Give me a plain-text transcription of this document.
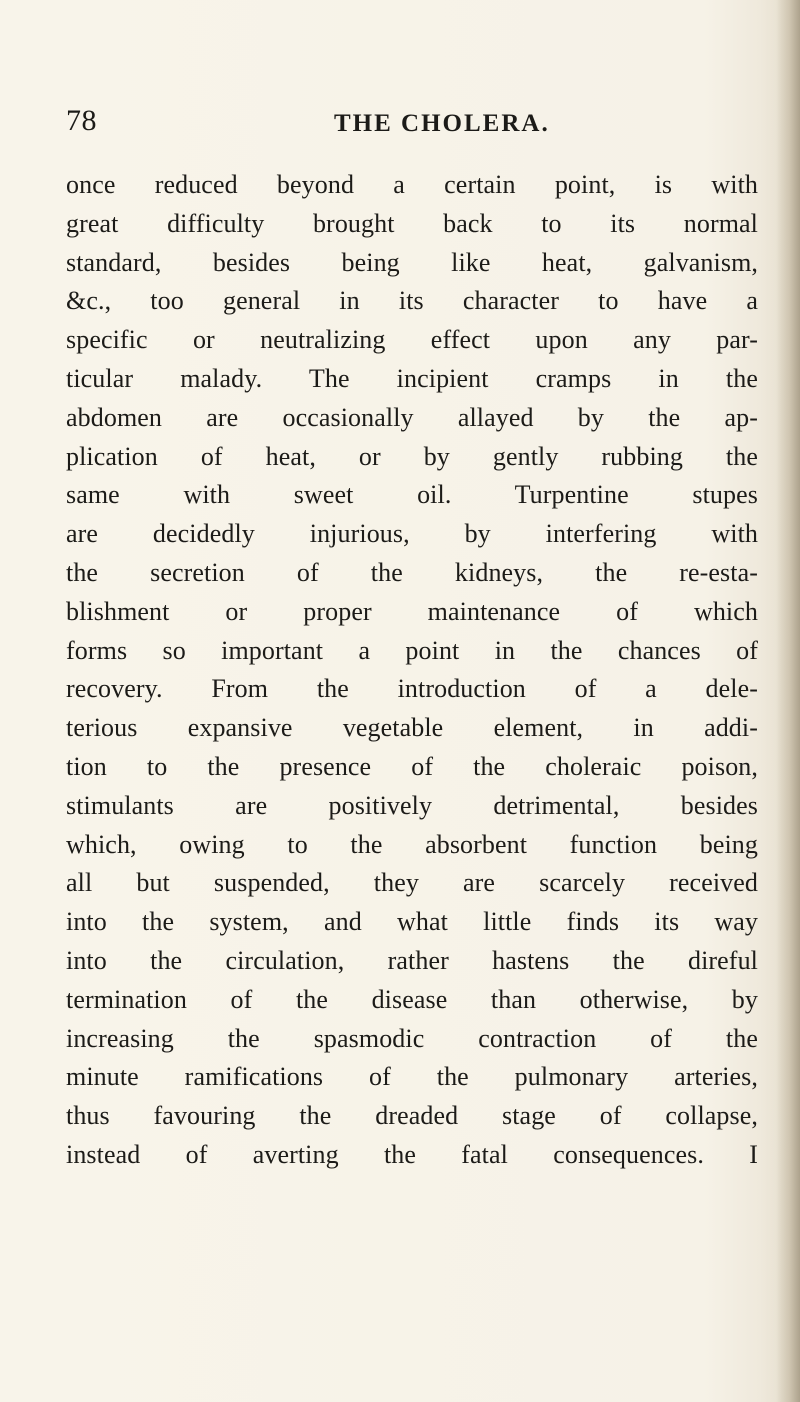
78	THE CHOLERA.
once reduced beyond a certain point, is with
great difficulty brought back to its normal
standard, besides being like heat, galvanism,
&c., too general in its character to have a
specific or neutralizing effect upon any par-
ticular malady. The incipient cramps in the
abdomen are occasionally allayed by the ap-
plication of heat, or by gently rubbing the
same with sweet oil. Turpentine stupes
are decidedly injurious, by interfering with
the secretion of the kidneys, the re-esta-
blishment or proper maintenance of which
forms so important a point in the chances of
recovery. From the introduction of a dele-
terious expansive vegetable element, in addi-
tion to the presence of the choleraic poison,
stimulants are positively detrimental, besides
which, owing to the absorbent function being
all but suspended, they are scarcely received
into the system, and what little finds its way
into the circulation, rather hastens the direful
termination of the disease than otherwise, by
increasing the spasmodic contraction of the
minute ramifications of the pulmonary arteries,
thus favouring the dreaded stage of collapse,
instead of averting the fatal consequences. I
